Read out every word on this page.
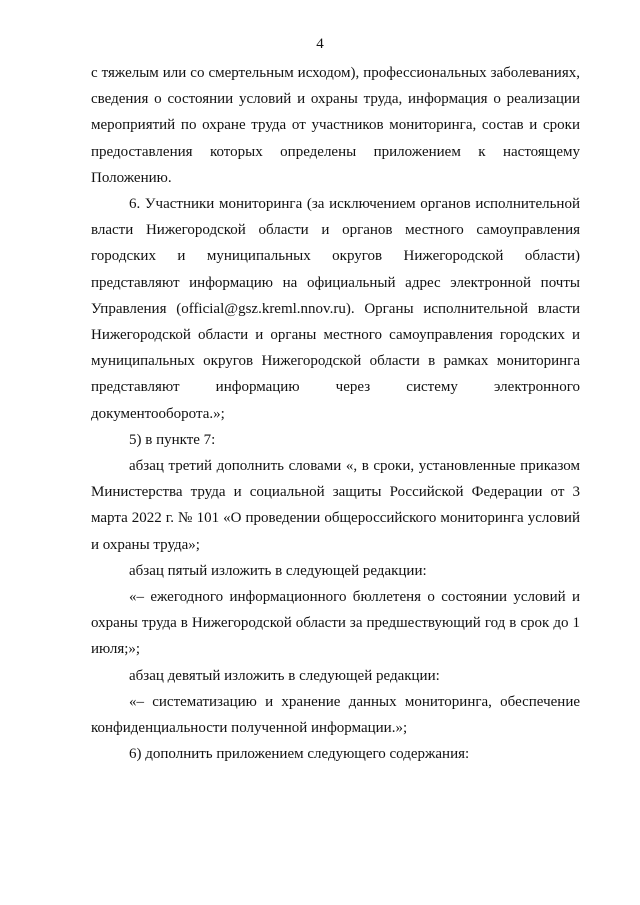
4

с тяжелым или со смертельным исходом), профессиональных заболеваниях, сведения о состоянии условий и охраны труда, информация о реализации мероприятий по охране труда от участников мониторинга, состав и сроки предоставления которых определены приложением к настоящему Положению.

6. Участники мониторинга (за исключением органов исполнительной власти Нижегородской области и органов местного самоуправления городских и муниципальных округов Нижегородской области) представляют информацию на официальный адрес электронной почты Управления (official@gsz.kreml.nnov.ru). Органы исполнительной власти Нижегородской области и органы местного самоуправления городских и муниципальных округов Нижегородской области в рамках мониторинга представляют информацию через систему электронного документооборота.»;

5) в пункте 7:

абзац третий дополнить словами «, в сроки, установленные приказом Министерства труда и социальной защиты Российской Федерации от 3 марта 2022 г. № 101 «О проведении общероссийского мониторинга условий и охраны труда»;

абзац пятый изложить в следующей редакции:

«– ежегодного информационного бюллетеня о состоянии условий и охраны труда в Нижегородской области за предшествующий год в срок до 1 июля;»;

абзац девятый изложить в следующей редакции:

«– систематизацию и хранение данных мониторинга, обеспечение конфиденциальности полученной информации.»;

6) дополнить приложением следующего содержания:
